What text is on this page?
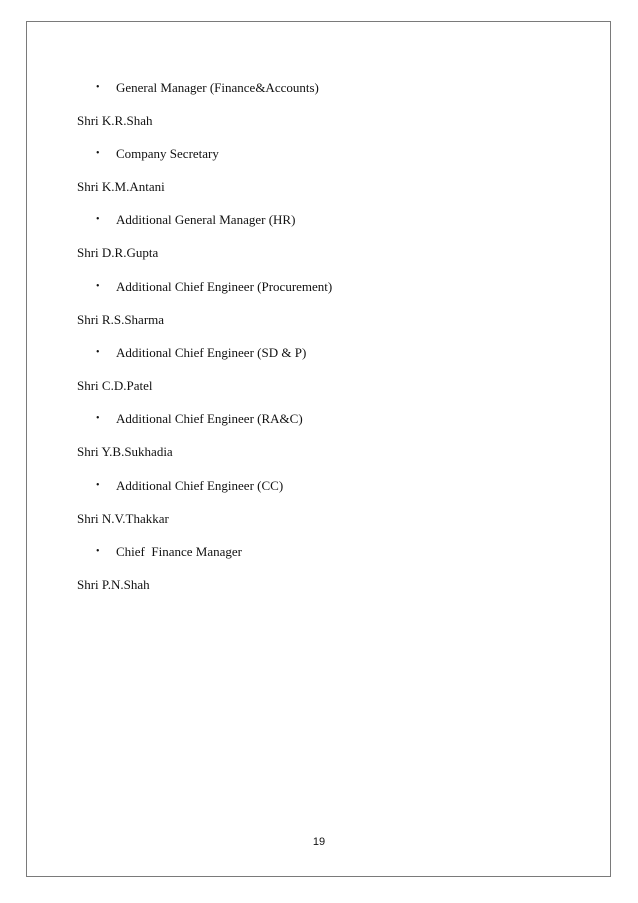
•	General Manager (Finance&Accounts)
Shri K.R.Shah
•	Company Secretary
Shri K.M.Antani
•	Additional General Manager (HR)
Shri D.R.Gupta
•	Additional Chief Engineer (Procurement)
Shri R.S.Sharma
•	Additional Chief Engineer (SD & P)
Shri C.D.Patel
•	Additional Chief Engineer (RA&C)
Shri Y.B.Sukhadia
•	Additional Chief Engineer (CC)
Shri N.V.Thakkar
•	Chief  Finance Manager
Shri P.N.Shah
19
